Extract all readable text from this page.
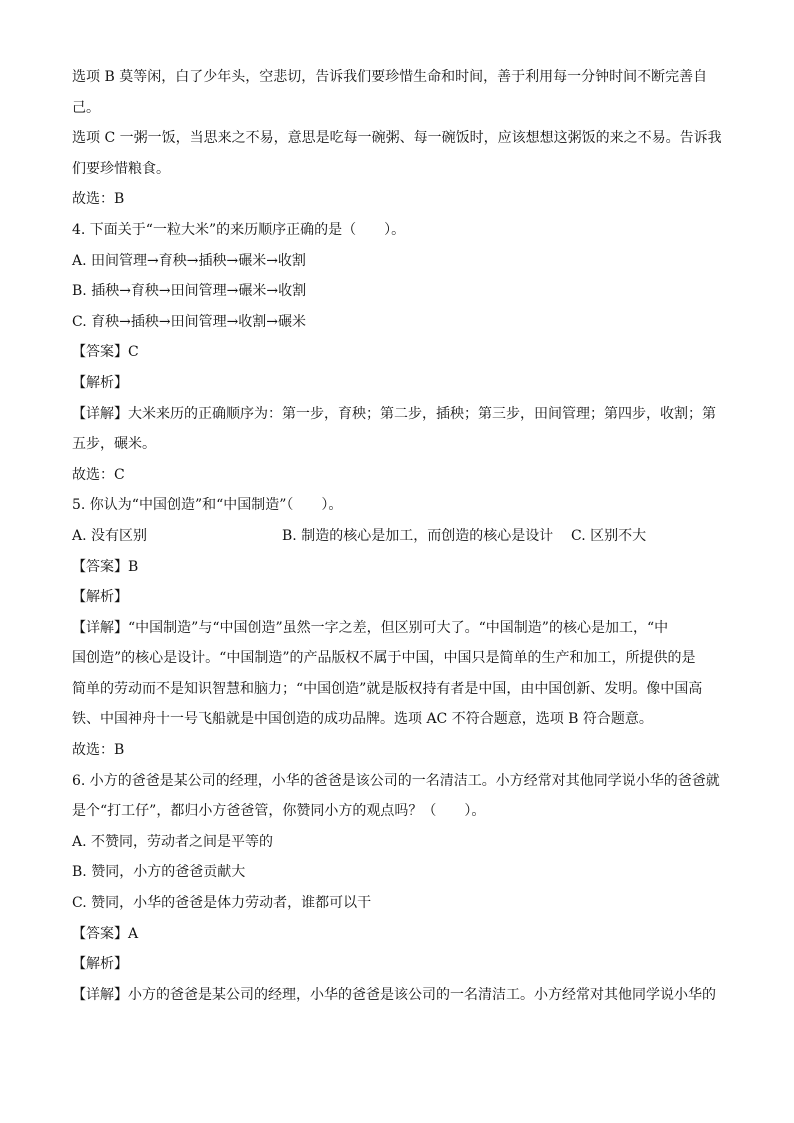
选项 B 莫等闲，白了少年头，空悲切，告诉我们要珍惜生命和时间，善于利用每一分钟时间不断完善自
己。
选项 C 一粥一饭，当思来之不易，意思是吃每一碗粥、每一碗饭时，应该想想这粥饭的来之不易。告诉我
们要珍惜粮食。
故选：B
4. 下面关于“一粒大米”的来历顺序正确的是（　　）。
A. 田间管理→育秧→插秧→碾米→收割
B. 插秧→育秧→田间管理→碾米→收割
C. 育秧→插秧→田间管理→收割→碾米
【答案】C
【解析】
【详解】大米来历的正确顺序为：第一步，育秧；第二步，插秧；第三步，田间管理；第四步，收割；第
五步，碾米。
故选：C
5. 你认为“中国创造”和“中国制造”（　　）。
A. 没有区别	B. 制造的核心是加工，而创造的核心是设计 C. 区别不大
【答案】B
【解析】
【详解】“中国制造”与“中国创造”虽然一字之差，但区别可大了。“中国制造”的核心是加工，“中
国创造”的核心是设计。“中国制造”的产品版权不属于中国，中国只是简单的生产和加工，所提供的是
简单的劳动而不是知识智慧和脑力；“中国创造”就是版权持有者是中国，由中国创新、发明。像中国高
铁、中国神舟十一号飞船就是中国创造的成功品牌。选项 AC 不符合题意，选项 B 符合题意。
故选：B
6. 小方的爸爸是某公司的经理，小华的爸爸是该公司的一名清洁工。小方经常对其他同学说小华的爸爸就
是个“打工仔”，都归小方爸爸管，你赞同小方的观点吗？（　　）。
A. 不赞同，劳动者之间是平等的
B. 赞同，小方的爸爸贡献大
C. 赞同，小华的爸爸是体力劳动者，谁都可以干
【答案】A
【解析】
【详解】小方的爸爸是某公司的经理，小华的爸爸是该公司的一名清洁工。小方经常对其他同学说小华的
